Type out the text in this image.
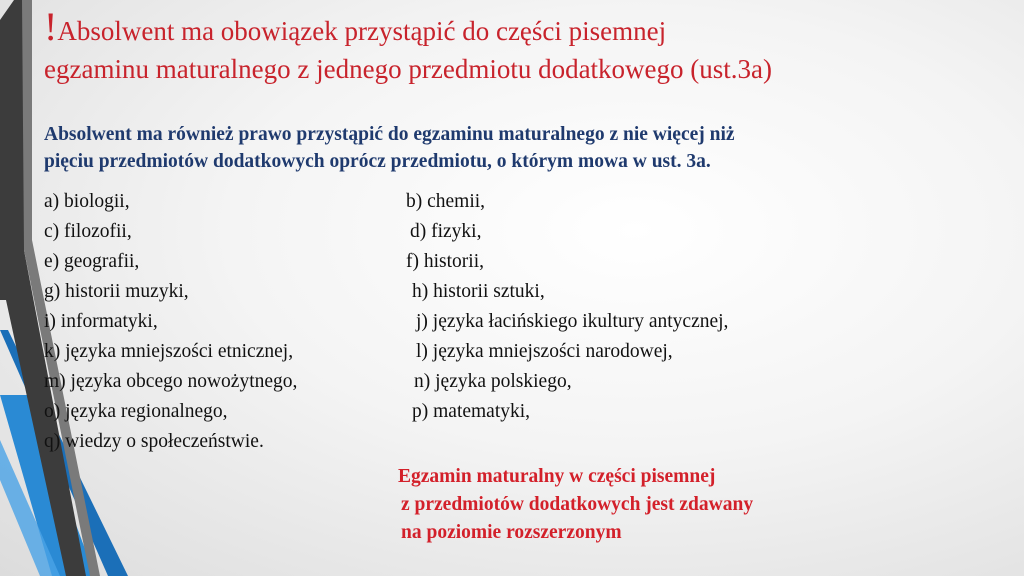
!Absolwent ma obowiązek przystąpić do części pisemnej
egzaminu maturalnego z jednego przedmiotu dodatkowego (ust.3a)
Absolwent ma również prawo przystąpić do egzaminu maturalnego z nie więcej niż
pięciu przedmiotów dodatkowych oprócz przedmiotu, o którym mowa w ust. 3a.
a) biologii,	b) chemii,
c) filozofii,	d) fizyki,
e) geografii,	f) historii,
g) historii muzyki,	h) historii sztuki,
i) informatyki,	j) języka łacińskiego ikultury antycznej,
k) języka mniejszości etnicznej,	l) języka mniejszości narodowej,
m) języka obcego nowożytnego,	n) języka polskiego,
o) języka regionalnego,	p) matematyki,
q) wiedzy o społeczeństwie.
Egzamin maturalny w części pisemnej
z przedmiotów dodatkowych jest zdawany
na poziomie rozszerzonym
